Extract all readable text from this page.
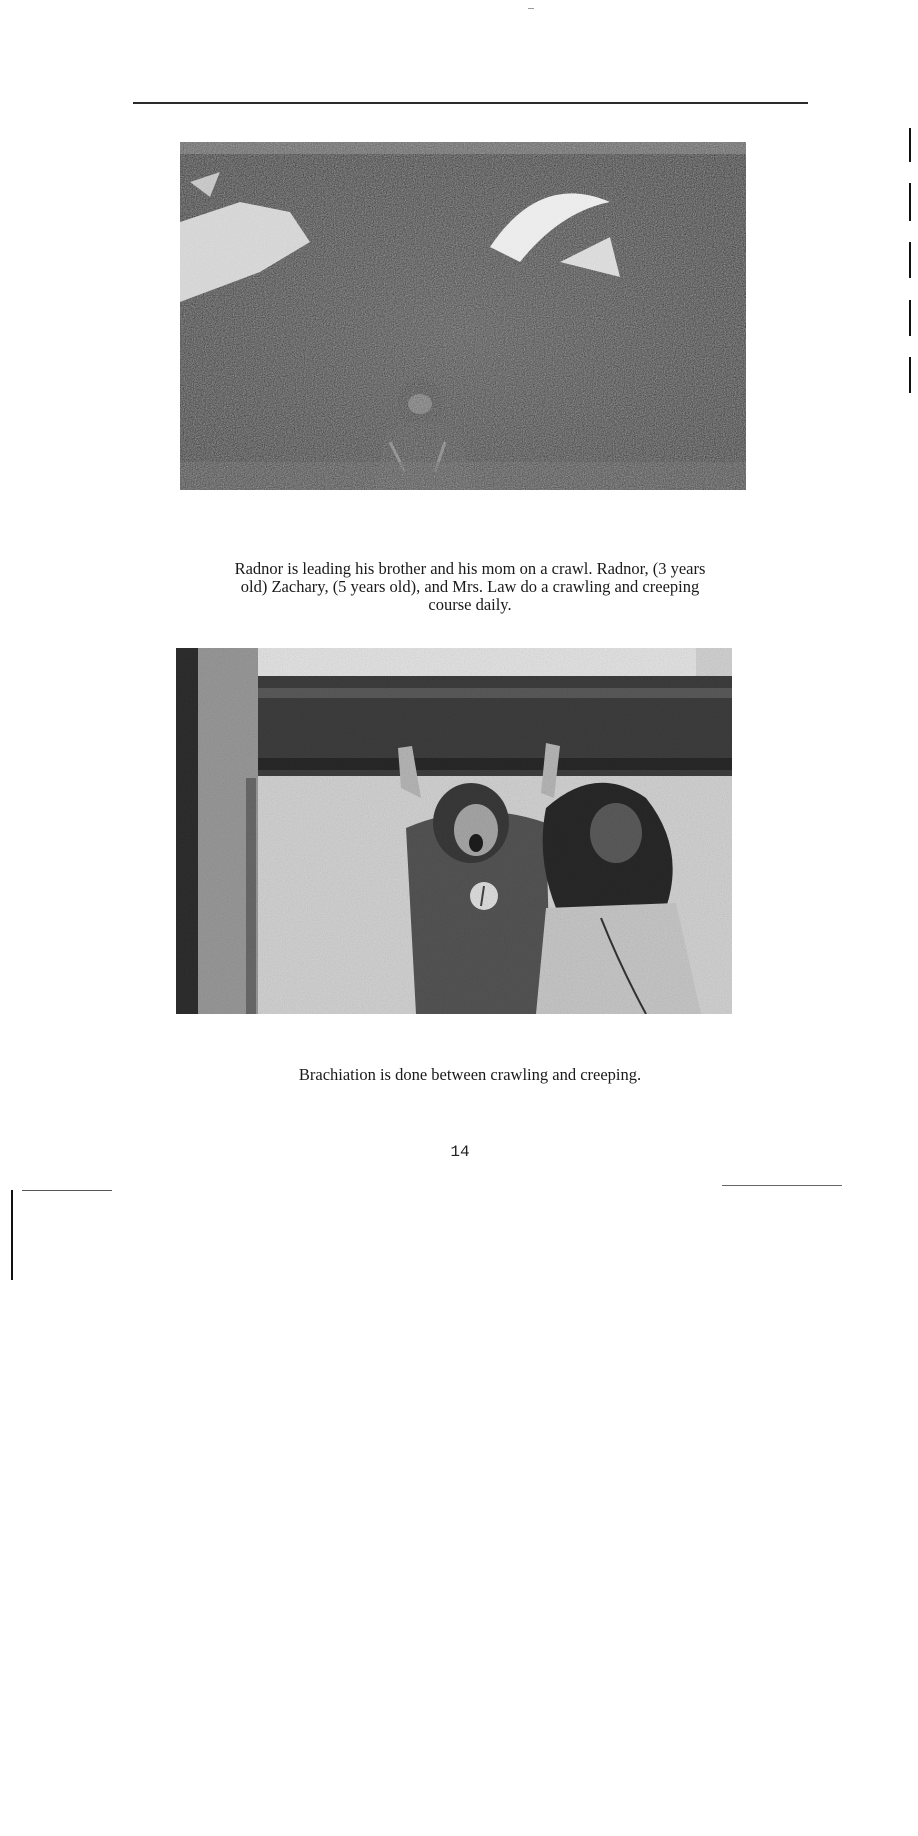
Radnor is leading his brother and his mom on a crawl. Radnor, (3 years old) Zachary, (5 years old), and Mrs. Law do a crawling and creeping course daily.
Brachiation is done between crawling and creeping.
14
